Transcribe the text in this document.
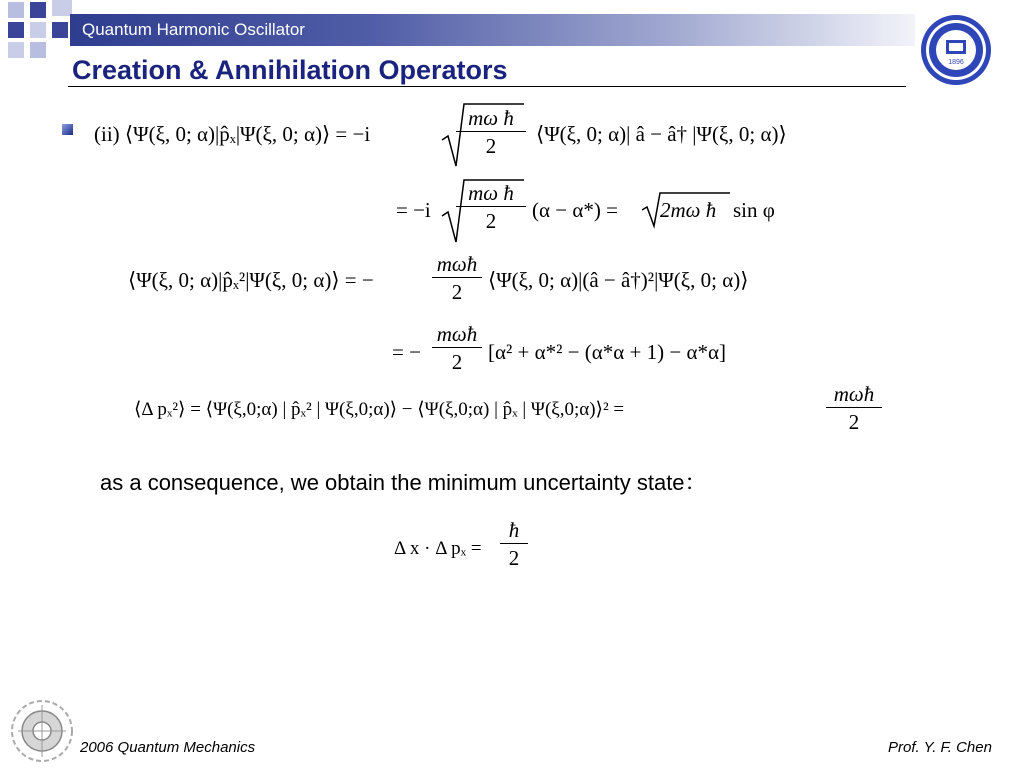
Quantum Harmonic Oscillator
Creation & Annihilation Operators	1896
(ii) ⟨Ψ(ξ, 0; α)|p̂ₓ|Ψ(ξ, 0; α)⟩ = −i	$\frac{\text{mω ħ}}{2}$ ⟨Ψ(ξ, 0; α)| â − â† |Ψ(ξ, 0; α)⟩
= $-i \frac{\text{mω ħ}}{2} (\alpha - \alpha*) = 2m\omega$ ħ sin φ
⟨Ψ(ξ, 0; α)|p̂ₓ²|Ψ(ξ, 0; α)⟩ = −
mωħ
2	⟨Ψ(ξ, 0; α)|(â − â†)²|Ψ(ξ, 0; α)⟩
= −
mωħ
2	[α² + α*² − (α*α + 1) − α*α]
⟨Δ pₓ²⟩ = ⟨Ψ(ξ,0;α) | p̂ₓ² | Ψ(ξ,0;α)⟩ − ⟨Ψ(ξ,0;α) | p̂ₓ | Ψ(ξ,0;α)⟩² =
mωħ
2
as a consequence, we obtain the minimum uncertainty state：
Δ x · Δ $p_x = \frac{ħ}{2}$
2006 Quantum Mechanics	Prof. Y. F. Chen
